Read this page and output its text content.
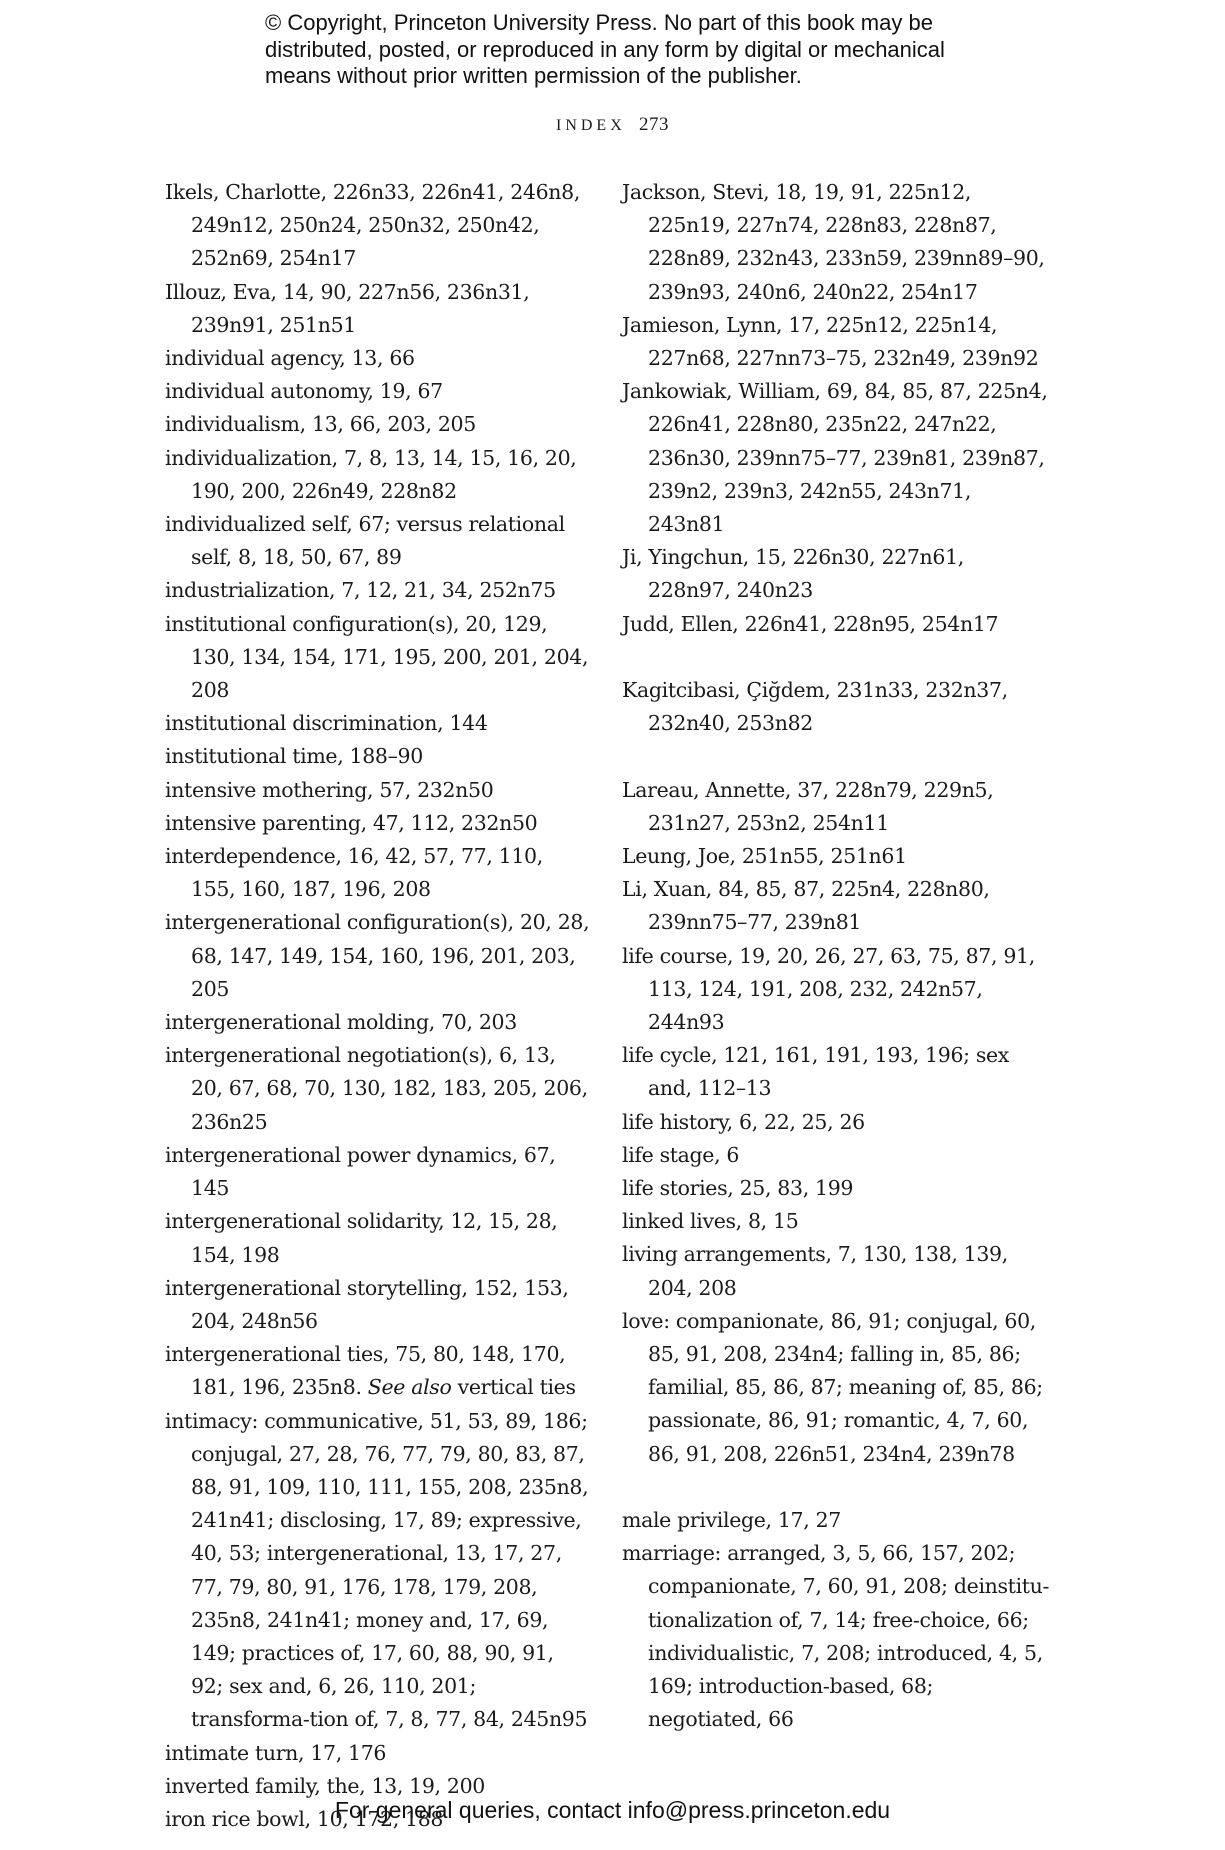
© Copyright, Princeton University Press. No part of this book may be
distributed, posted, or reproduced in any form by digital or mechanical
means without prior written permission of the publisher.
INDEX 273
Ikels, Charlotte, 226n33, 226n41, 246n8, 249n12, 250n24, 250n32, 250n42, 252n69, 254n17
Illouz, Eva, 14, 90, 227n56, 236n31, 239n91, 251n51
individual agency, 13, 66
individual autonomy, 19, 67
individualism, 13, 66, 203, 205
individualization, 7, 8, 13, 14, 15, 16, 20, 190, 200, 226n49, 228n82
individualized self, 67; versus relational self, 8, 18, 50, 67, 89
industrialization, 7, 12, 21, 34, 252n75
institutional configuration(s), 20, 129, 130, 134, 154, 171, 195, 200, 201, 204, 208
institutional discrimination, 144
institutional time, 188–90
intensive mothering, 57, 232n50
intensive parenting, 47, 112, 232n50
interdependence, 16, 42, 57, 77, 110, 155, 160, 187, 196, 208
intergenerational configuration(s), 20, 28, 68, 147, 149, 154, 160, 196, 201, 203, 205
intergenerational molding, 70, 203
intergenerational negotiation(s), 6, 13, 20, 67, 68, 70, 130, 182, 183, 205, 206, 236n25
intergenerational power dynamics, 67, 145
intergenerational solidarity, 12, 15, 28, 154, 198
intergenerational storytelling, 152, 153, 204, 248n56
intergenerational ties, 75, 80, 148, 170, 181, 196, 235n8. See also vertical ties
intimacy: communicative, 51, 53, 89, 186; conjugal, 27, 28, 76, 77, 79, 80, 83, 87, 88, 91, 109, 110, 111, 155, 208, 235n8, 241n41; disclosing, 17, 89; expressive, 40, 53; intergenerational, 13, 17, 27, 77, 79, 80, 91, 176, 178, 179, 208, 235n8, 241n41; money and, 17, 69, 149; practices of, 17, 60, 88, 90, 91, 92; sex and, 6, 26, 110, 201; transforma-tion of, 7, 8, 77, 84, 245n95
intimate turn, 17, 176
inverted family, the, 13, 19, 200
iron rice bowl, 10, 172, 188
Jackson, Stevi, 18, 19, 91, 225n12, 225n19, 227n74, 228n83, 228n87, 228n89, 232n43, 233n59, 239nn89–90, 239n93, 240n6, 240n22, 254n17
Jamieson, Lynn, 17, 225n12, 225n14, 227n68, 227nn73–75, 232n49, 239n92
Jankowiak, William, 69, 84, 85, 87, 225n4, 226n41, 228n80, 235n22, 247n22, 236n30, 239nn75–77, 239n81, 239n87, 239n2, 239n3, 242n55, 243n71, 243n81
Ji, Yingchun, 15, 226n30, 227n61, 228n97, 240n23
Judd, Ellen, 226n41, 228n95, 254n17
Kagitcibasi, Çiğdem, 231n33, 232n37, 232n40, 253n82
Lareau, Annette, 37, 228n79, 229n5, 231n27, 253n2, 254n11
Leung, Joe, 251n55, 251n61
Li, Xuan, 84, 85, 87, 225n4, 228n80, 239nn75–77, 239n81
life course, 19, 20, 26, 27, 63, 75, 87, 91, 113, 124, 191, 208, 232, 242n57, 244n93
life cycle, 121, 161, 191, 193, 196; sex and, 112–13
life history, 6, 22, 25, 26
life stage, 6
life stories, 25, 83, 199
linked lives, 8, 15
living arrangements, 7, 130, 138, 139, 204, 208
love: companionate, 86, 91; conjugal, 60, 85, 91, 208, 234n4; falling in, 85, 86; familial, 85, 86, 87; meaning of, 85, 86; passionate, 86, 91; romantic, 4, 7, 60, 86, 91, 208, 226n51, 234n4, 239n78
male privilege, 17, 27
marriage: arranged, 3, 5, 66, 157, 202; companionate, 7, 60, 91, 208; deinstitu-tionalization of, 7, 14; free-choice, 66; individualistic, 7, 208; introduced, 4, 5, 169; introduction-based, 68; negotiated, 66
For general queries, contact info@press.princeton.edu
